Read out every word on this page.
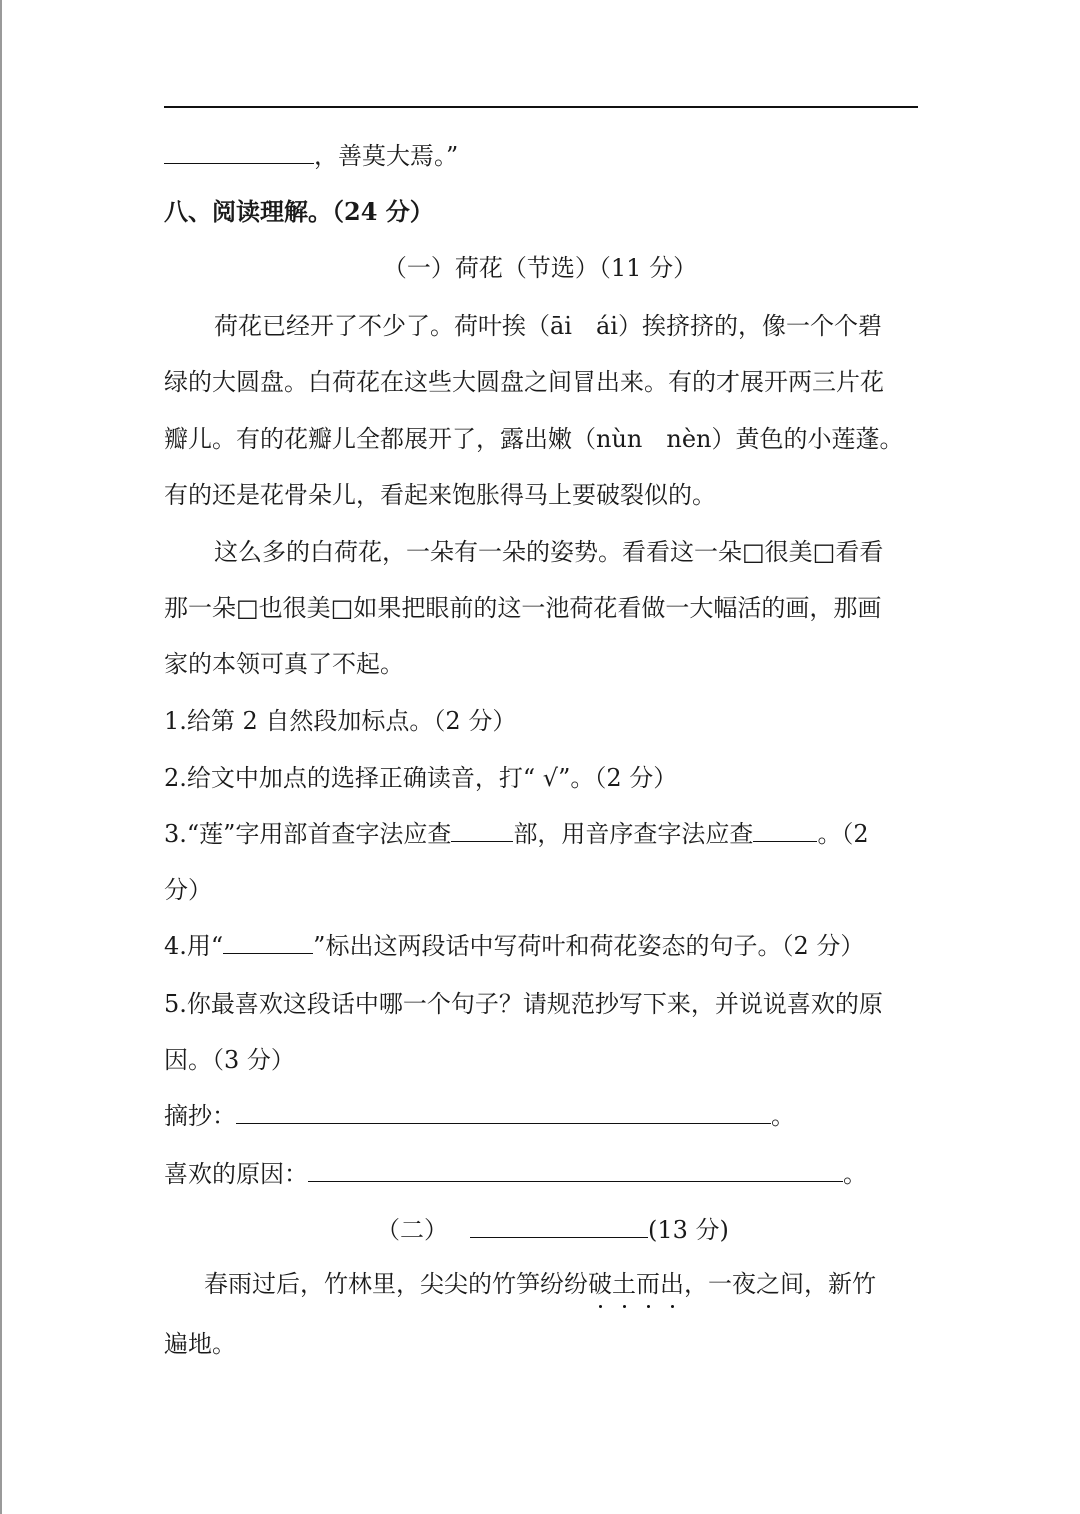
，善莫大焉。”
八、阅读理解。（24 分）
（一）荷花（节选）（11 分）
荷花已经开了不少了。荷叶挨（āi　ái）挨挤挤的，像一个个碧
绿的大圆盘。白荷花在这些大圆盘之间冒出来。有的才展开两三片花
瓣儿。有的花瓣儿全都展开了，露出嫩（nùn　nèn）黄色的小莲蓬。
有的还是花骨朵儿，看起来饱胀得马上要破裂似的。
这么多的白荷花，一朵有一朵的姿势。看看这一朵□很美□看看
那一朵□也很美□如果把眼前的这一池荷花看做一大幅活的画，那画
家的本领可真了不起。
1.给第 2 自然段加标点。（2 分）
2.给文中加点的选择正确读音，打“ √”。（2 分）
3.“莲”字用部首查字法应查	部，用音序查字法应查	。（2
分）
4.用“	”标出这两段话中写荷叶和荷花姿态的句子。（2 分）
5.你最喜欢这段话中哪一个句子？请规范抄写下来，并说说喜欢的原
因。（3 分）
摘抄：	。
喜欢的原因：	。
（二）	(13 分)
春雨过后，竹林里，尖尖的竹笋纷纷破土而出，一夜之间，新竹
遍地。
